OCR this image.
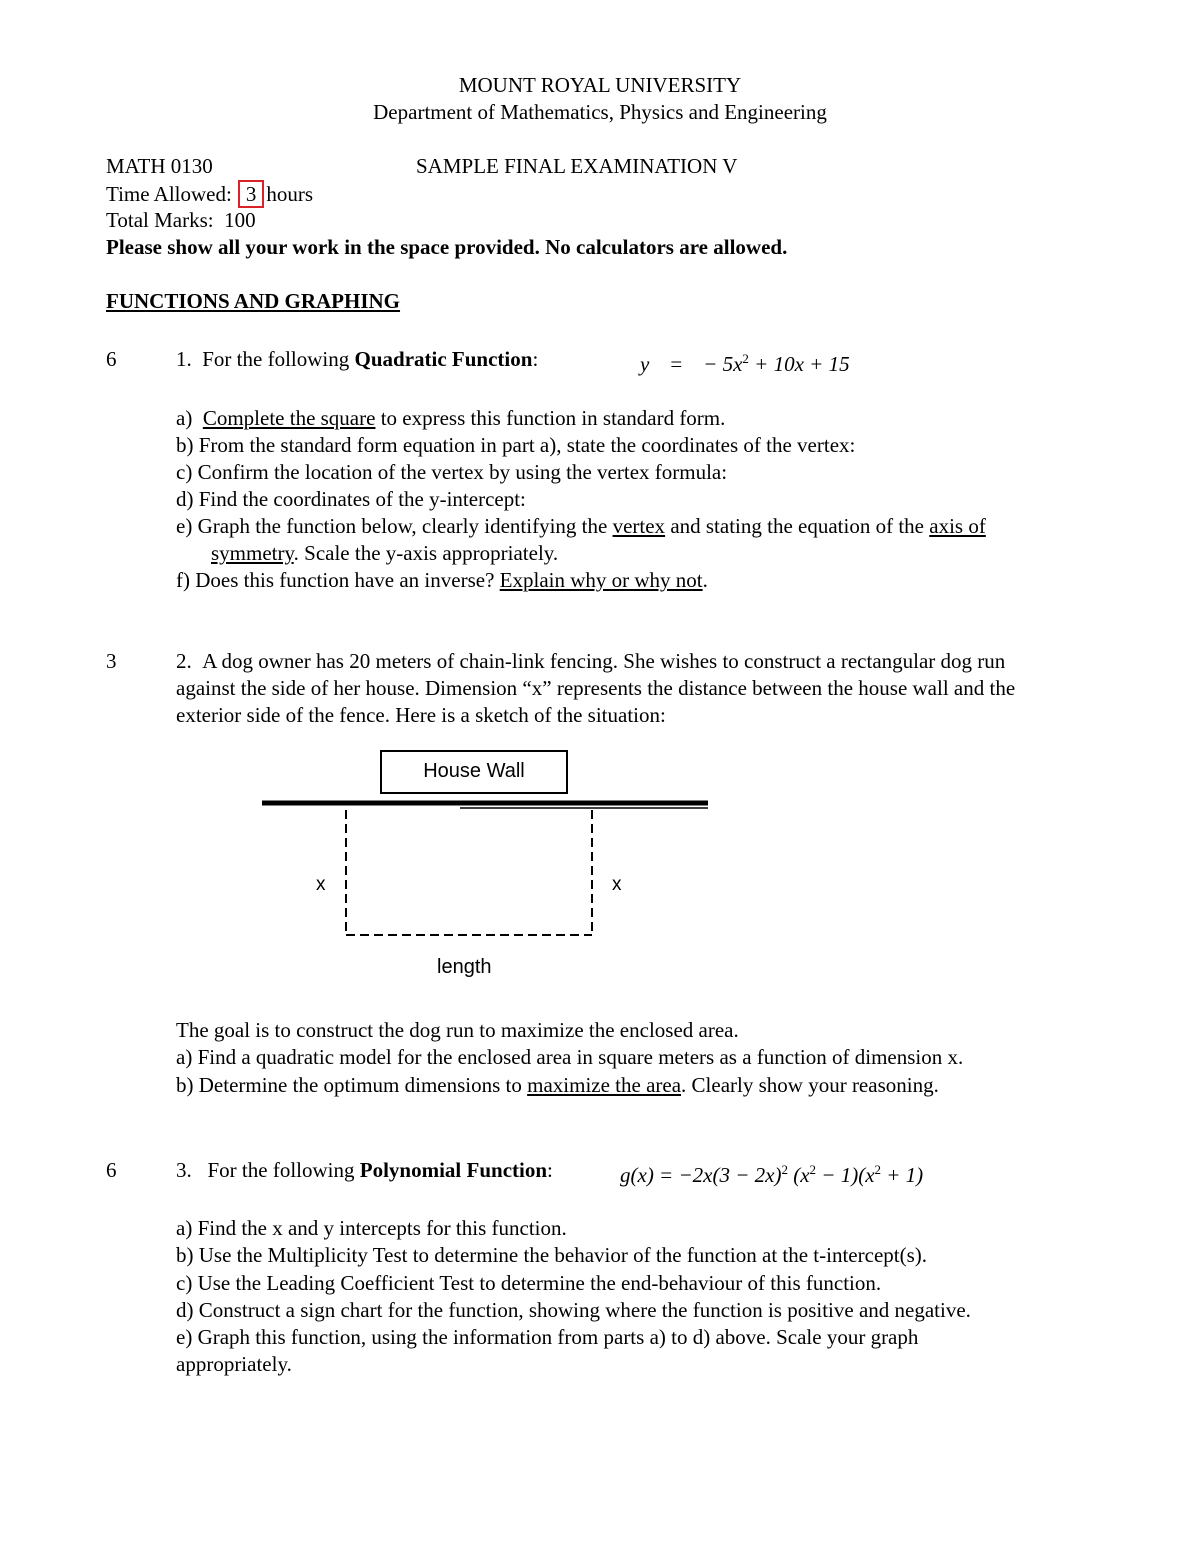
MOUNT ROYAL UNIVERSITY
Department of Mathematics, Physics and Engineering
MATH 0130	SAMPLE FINAL EXAMINATION V
Time Allowed: 3 hours
Total Marks: 100
Please show all your work in the space provided. No calculators are allowed.
FUNCTIONS AND GRAPHING
6	1. For the following Quadratic Function:	y = − $5x^2 + 10x + 15$
a) Complete the square to express this function in standard form.
b) From the standard form equation in part a), state the coordinates of the vertex:
c) Confirm the location of the vertex by using the vertex formula:
d) Find the coordinates of the y-intercept:
e) Graph the function below, clearly identifying the vertex and stating the equation of the axis of
symmetry. Scale the y-axis appropriately.
f) Does this function have an inverse? Explain why or why not.
3	2. A dog owner has 20 meters of chain-link fencing. She wishes to construct a rectangular dog run
against the side of her house. Dimension “x” represents the distance between the house wall and the
exterior side of the fence. Here is a sketch of the situation:
House Wall
x	x
length
The goal is to construct the dog run to maximize the enclosed area.
a) Find a quadratic model for the enclosed area in square meters as a function of dimension x.
b) Determine the optimum dimensions to maximize the area. Clearly show your reasoning.
6	3. For the following Polynomial Function:	$g(x) = -2x(3 - 2x)^2$ $(x^2 - 1)(x^2 + 1)$
a) Find the x and y intercepts for this function.
b) Use the Multiplicity Test to determine the behavior of the function at the t-intercept(s).
c) Use the Leading Coefficient Test to determine the end-behaviour of this function.
d) Construct a sign chart for the function, showing where the function is positive and negative.
e) Graph this function, using the information from parts a) to d) above. Scale your graph
appropriately.
